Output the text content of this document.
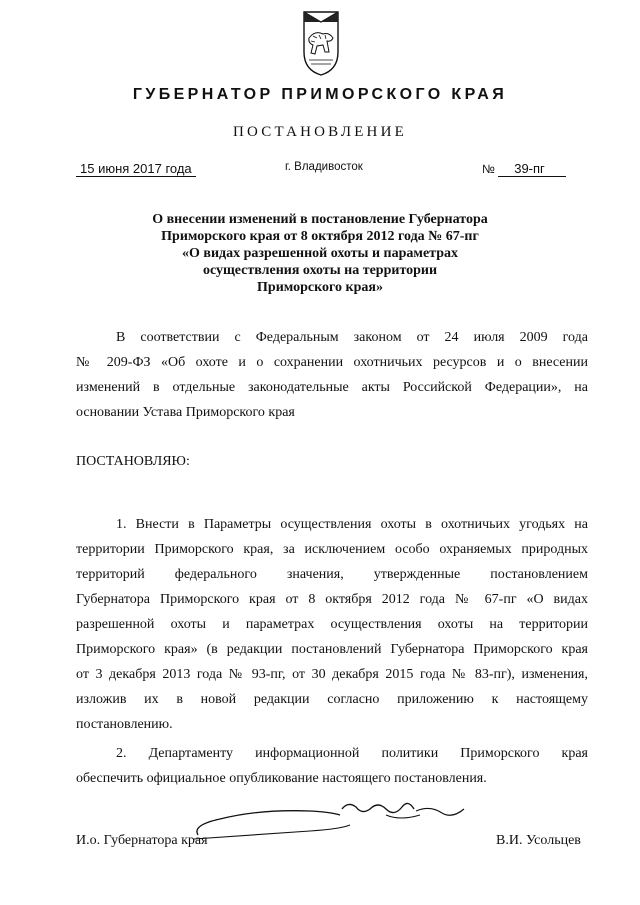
ГУБЕРНАТОР ПРИМОРСКОГО КРАЯ
ПОСТАНОВЛЕНИЕ
15 июня 2017 года	г. Владивосток	№ 39-пг
О внесении изменений в постановление Губернатора
Приморского края от 8 октября 2012 года № 67-пг
«О видах разрешенной охоты и параметрах
осуществления охоты на территории
Приморского края»
В соответствии с Федеральным законом от 24 июля 2009 года
№ 209-ФЗ «Об охоте и о сохранении охотничьих ресурсов и о внесении
изменений в отдельные законодательные акты Российской Федерации», на
основании Устава Приморского края
ПОСТАНОВЛЯЮ:
1. Внести в Параметры осуществления охоты в охотничьих угодьях на
территории Приморского края, за исключением особо охраняемых природных
территорий федерального значения, утвержденные постановлением
Губернатора Приморского края от 8 октября 2012 года № 67-пг «О видах
разрешенной охоты и параметрах осуществления охоты на территории
Приморского края» (в редакции постановлений Губернатора Приморского края
от 3 декабря 2013 года № 93-пг, от 30 декабря 2015 года № 83-пг), изменения,
изложив их в новой редакции согласно приложению к настоящему
постановлению.
2. Департаменту информационной политики Приморского края
обеспечить официальное опубликование настоящего постановления.
И.о. Губернатора края	В.И. Усольцев
